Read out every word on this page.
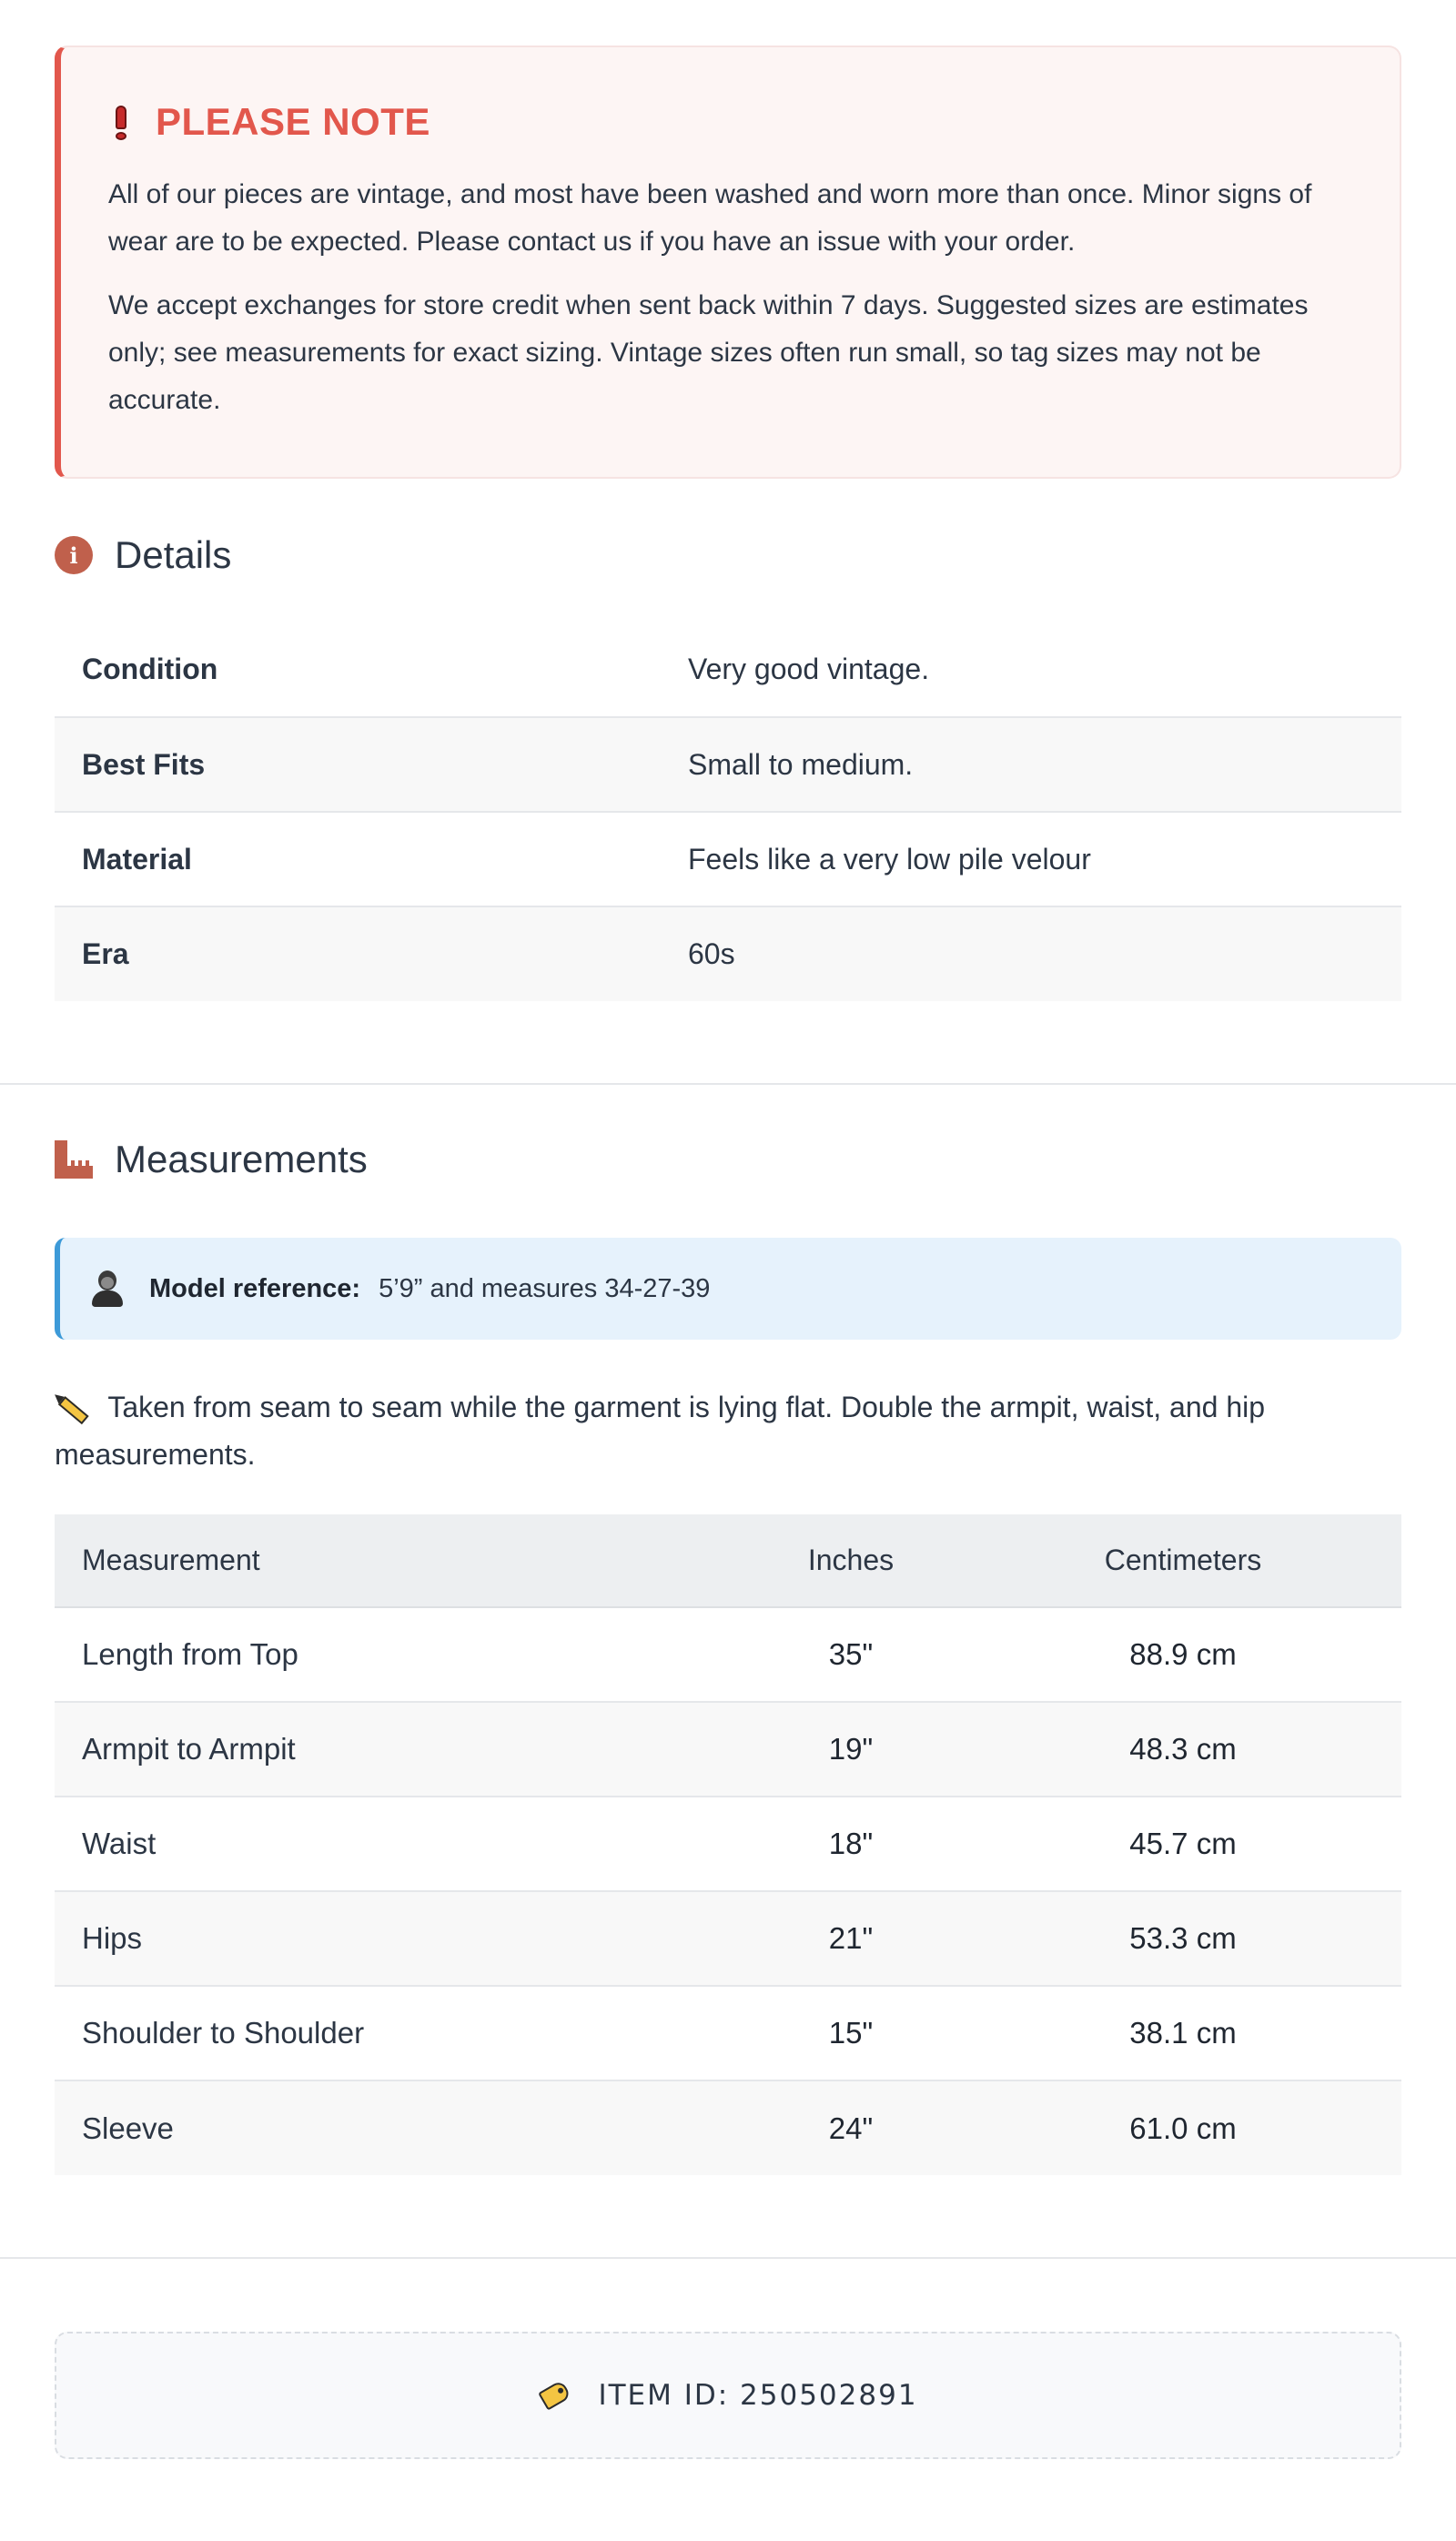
PLEASE NOTE

All of our pieces are vintage, and most have been washed and worn more than once. Minor signs of wear are to be expected. Please contact us if you have an issue with your order.

We accept exchanges for store credit when sent back within 7 days. Suggested sizes are estimates only; see measurements for exact sizing. Vintage sizes often run small, so tag sizes may not be accurate.

i Details
Condition	Very good vintage.
Best Fits	Small to medium.
Material	Feels like a very low pile velour
Era	60s
Measurements
Model reference: 5’9” and measures 34-27-39
Taken from seam to seam while the garment is lying flat. Double the armpit, waist, and hip measurements.
Measurement	Inches	Centimeters
Length from Top	35"	88.9 cm
Armpit to Armpit	19"	48.3 cm
Waist	18"	45.7 cm
Hips	21"	53.3 cm
Shoulder to Shoulder	15"	38.1 cm
Sleeve	24"	61.0 cm
ITEM ID: 250502891
